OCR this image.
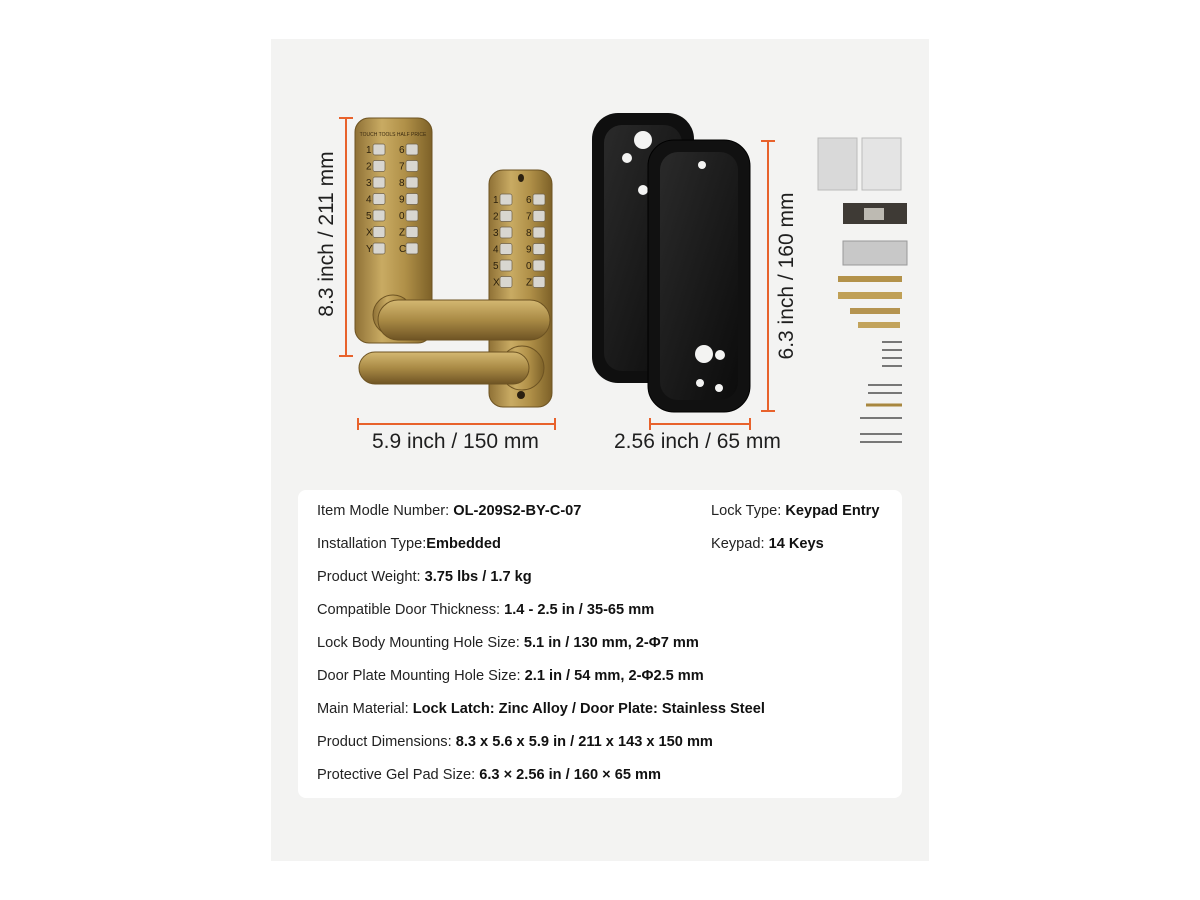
TOUCH TOOLS HALF PRICE
1	6
2	7
3	8
4	9
5	0
X	Z
Y	C
1	6
2	7
3	8
4	9
5	0
X	Z
8.3 inch / 211 mm
5.9 inch / 150 mm
6.3 inch / 160 mm
2.56 inch / 65 mm
Item Modle Number: OL-209S2-BY-C-07	Lock Type: Keypad Entry
Installation Type:Embedded	Keypad: 14 Keys
Product Weight: 3.75 lbs / 1.7 kg
Compatible Door Thickness: 1.4 - 2.5 in / 35-65 mm
Lock Body Mounting Hole Size: 5.1 in / 130 mm, 2-Φ7 mm
Door Plate Mounting Hole Size: 2.1 in / 54 mm, 2-Φ2.5 mm
Main Material: Lock Latch: Zinc Alloy / Door Plate: Stainless Steel
Product Dimensions: 8.3 x 5.6 x 5.9 in / 211 x 143 x 150 mm
Protective Gel Pad Size: 6.3 × 2.56 in / 160 × 65 mm
